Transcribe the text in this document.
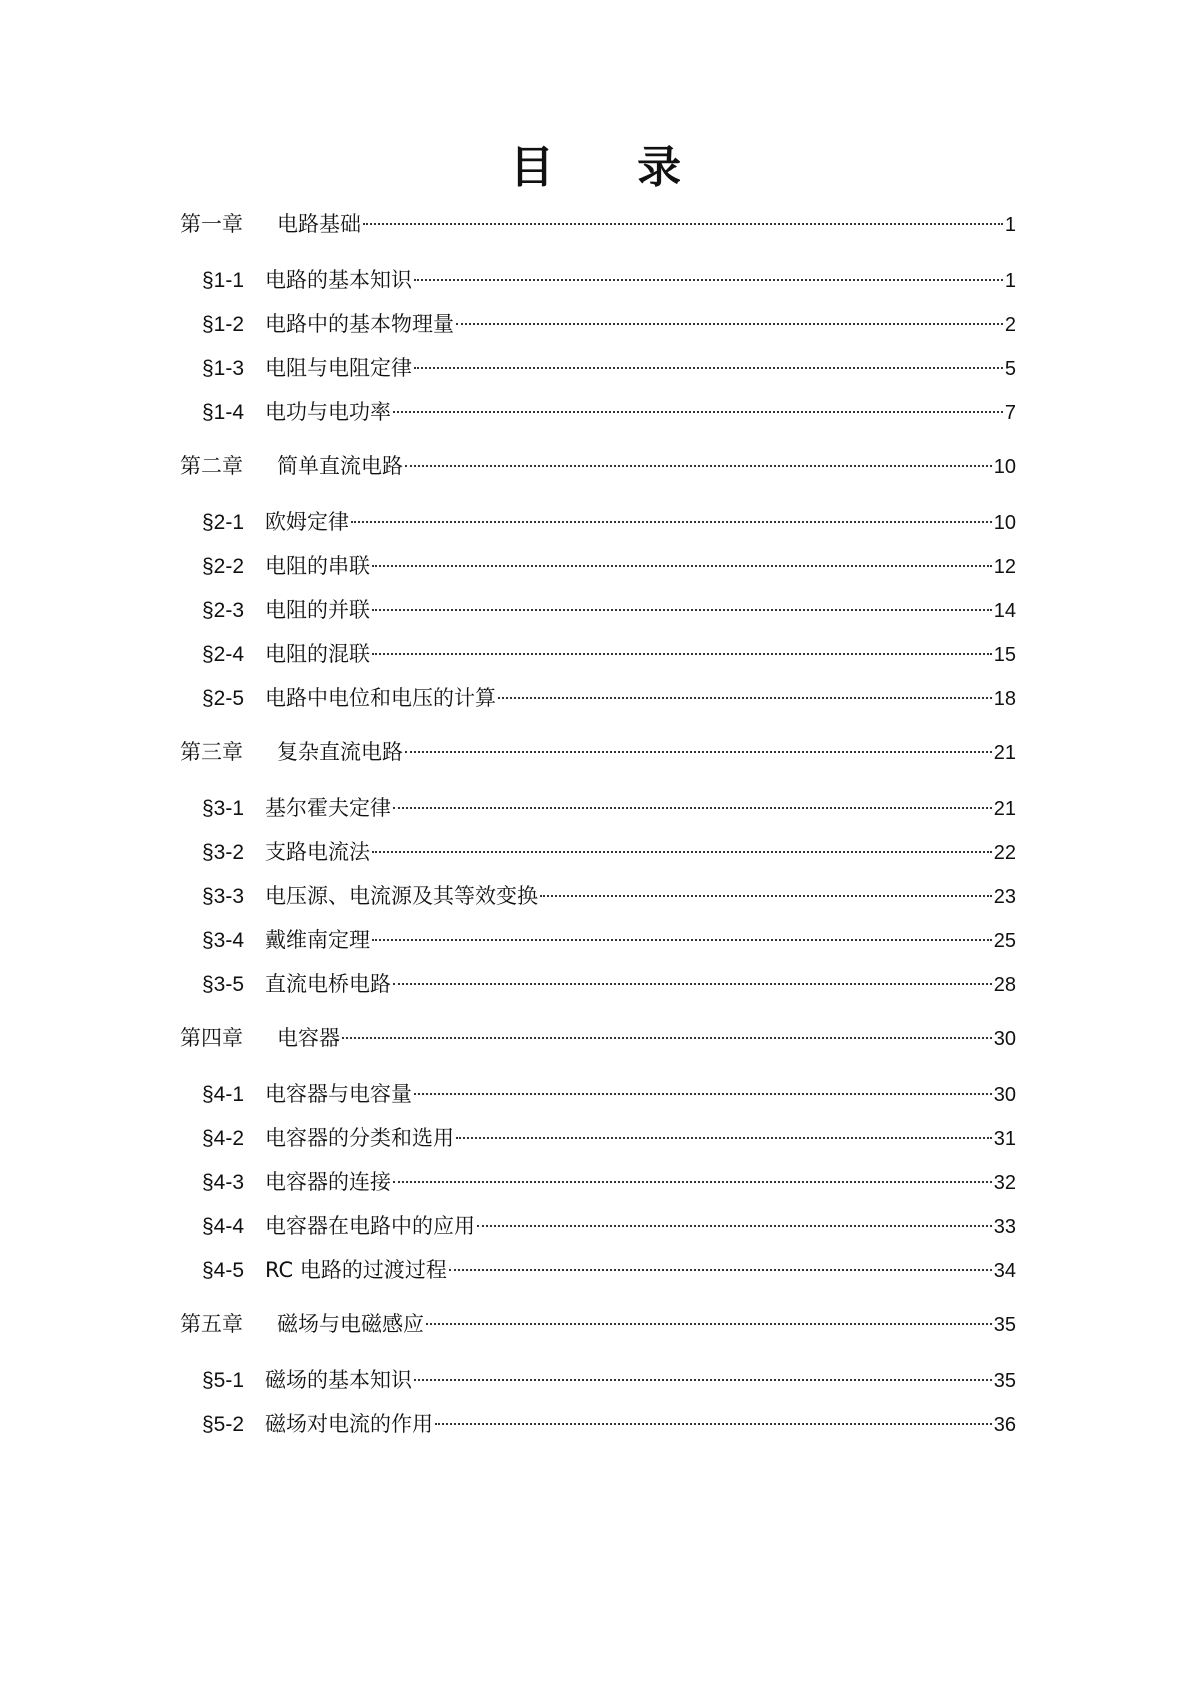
目 录
第一章	电路基础	1
§1-1 电路的基本知识	1
§1-2 电路中的基本物理量	2
§1-3 电阻与电阻定律	5
§1-4 电功与电功率	7
第二章	简单直流电路	10
§2-1 欧姆定律	10
§2-2 电阻的串联	12
§2-3 电阻的并联	14
§2-4 电阻的混联	15
§2-5 电路中电位和电压的计算	18
第三章	复杂直流电路	21
§3-1 基尔霍夫定律	21
§3-2 支路电流法	22
§3-3 电压源、电流源及其等效变换	23
§3-4 戴维南定理	25
§3-5 直流电桥电路	28
第四章	电容器	30
§4-1 电容器与电容量	30
§4-2 电容器的分类和选用	31
§4-3 电容器的连接	32
§4-4 电容器在电路中的应用	33
§4-5 RC 电路的过渡过程	34
第五章	磁场与电磁感应	35
§5-1 磁场的基本知识	35
§5-2 磁场对电流的作用	36
